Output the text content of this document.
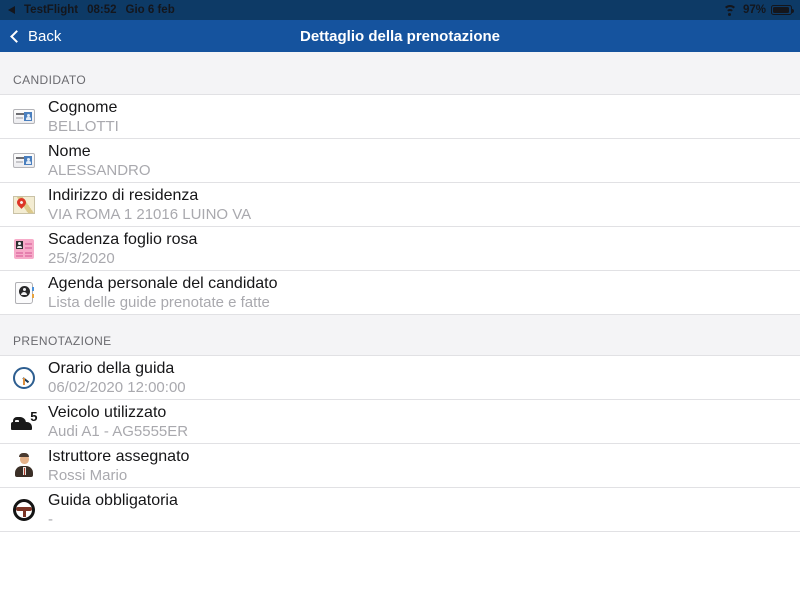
TestFlight 08:52 Gio 6 feb	97%
Back	Dettaglio della prenotazione
CANDIDATO
Cognome
BELLOTTI
Nome
ALESSANDRO
Indirizzo di residenza
VIA ROMA 1 21016 LUINO VA
Scadenza foglio rosa
25/3/2020
Agenda personale del candidato
Lista delle guide prenotate e fatte
PRENOTAZIONE
Orario della guida
06/02/2020 12:00:00
5 Veicolo utilizzato
Audi A1 - AG5555ER
Istruttore assegnato
Rossi Mario
Guida obbligatoria
-
